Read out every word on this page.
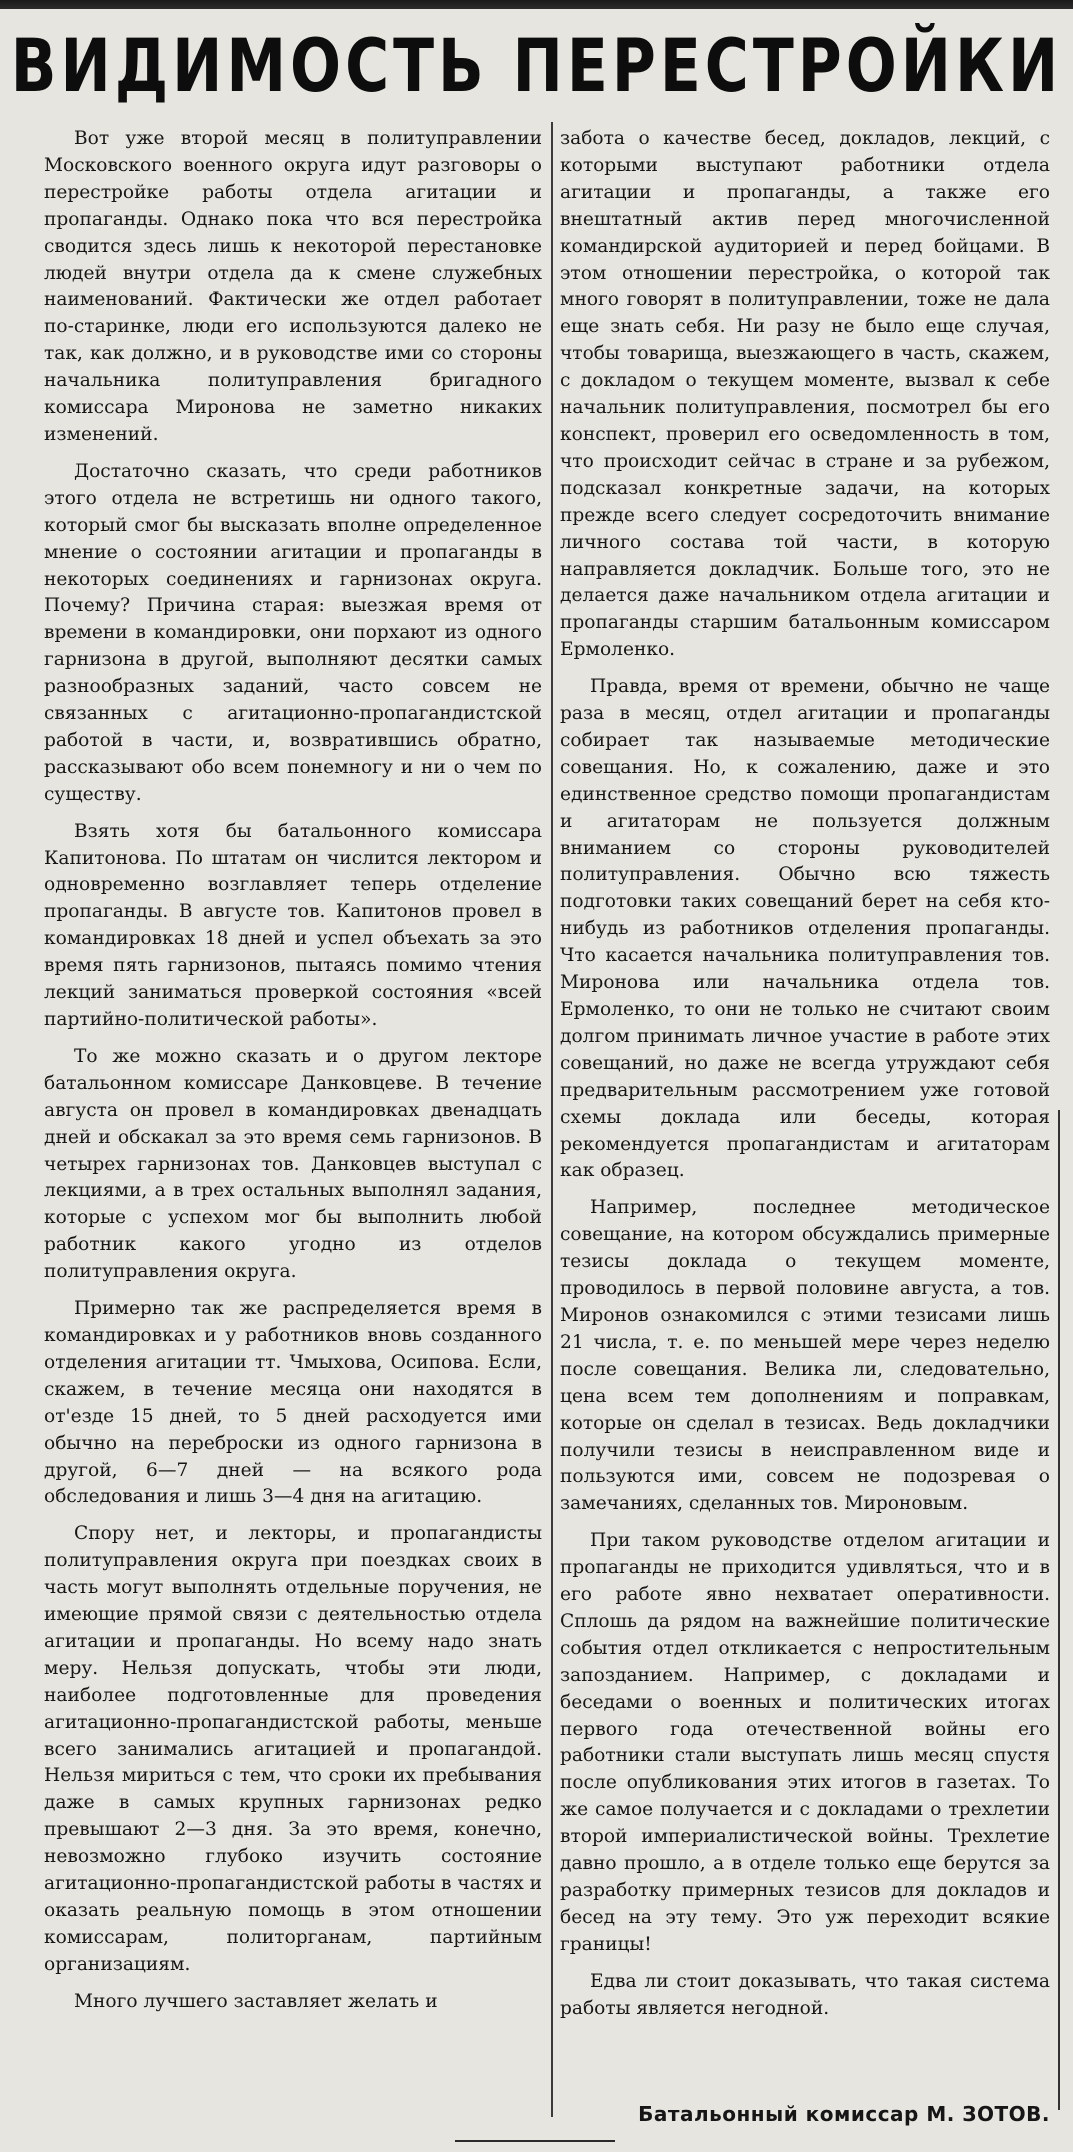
ВИДИМОСТЬ ПЕРЕСТРОЙКИ

Вот уже второй месяц в политуправлении Московского военного округа идут разговоры о перестройке работы отдела агитации и пропаганды. Однако пока что вся перестройка сводится здесь лишь к некоторой перестановке людей внутри отдела да к смене служебных наименований. Фактически же отдел работает по-старинке, люди его используются далеко не так, как должно, и в руководстве ими со стороны начальника политуправления бригадного комиссара Миронова не заметно никаких изменений.

Достаточно сказать, что среди работников этого отдела не встретишь ни одного такого, который смог бы высказать вполне определенное мнение о состоянии агитации и пропаганды в некоторых соединениях и гарнизонах округа. Почему? Причина старая: выезжая время от времени в командировки, они порхают из одного гарнизона в другой, выполняют десятки самых разнообразных заданий, часто совсем не связанных с агитационно-пропагандистской работой в части, и, возвратившись обратно, рассказывают обо всем понемногу и ни о чем по существу.

Взять хотя бы батальонного комиссара Капитонова. По штатам он числится лектором и одновременно возглавляет теперь отделение пропаганды. В августе тов. Капитонов провел в командировках 18 дней и успел объехать за это время пять гарнизонов, пытаясь помимо чтения лекций заниматься проверкой состояния «всей партийно-политической работы».

То же можно сказать и о другом лекторе батальонном комиссаре Данковцеве. В течение августа он провел в командировках двенадцать дней и обскакал за это время семь гарнизонов. В четырех гарнизонах тов. Данковцев выступал с лекциями, а в трех остальных выполнял задания, которые с успехом мог бы выполнить любой работник какого угодно из отделов политуправления округа.

Примерно так же распределяется время в командировках и у работников вновь созданного отделения агитации тт. Чмыхова, Осипова. Если, скажем, в течение месяца они находятся в от'езде 15 дней, то 5 дней расходуется ими обычно на переброски из одного гарнизона в другой, 6—7 дней — на всякого рода обследования и лишь 3—4 дня на агитацию.

Спору нет, и лекторы, и пропагандисты политуправления округа при поездках своих в часть могут выполнять отдельные поручения, не имеющие прямой связи с деятельностью отдела агитации и пропаганды. Но всему надо знать меру. Нельзя допускать, чтобы эти люди, наиболее подготовленные для проведения агитационно-пропагандистской работы, меньше всего занимались агитацией и пропагандой. Нельзя мириться с тем, что сроки их пребывания даже в самых крупных гарнизонах редко превышают 2—3 дня. За это время, конечно, невозможно глубоко изучить состояние агитационно-пропагандистской работы в частях и оказать реальную помощь в этом отношении комиссарам, политорганам, партийным организациям.

Много лучшего заставляет желать и

забота о качестве бесед, докладов, лекций, с которыми выступают работники отдела агитации и пропаганды, а также его внештатный актив перед многочисленной командирской аудиторией и перед бойцами. В этом отношении перестройка, о которой так много говорят в политуправлении, тоже не дала еще знать себя. Ни разу не было еще случая, чтобы товарища, выезжающего в часть, скажем, с докладом о текущем моменте, вызвал к себе начальник политуправления, посмотрел бы его конспект, проверил его осведомленность в том, что происходит сейчас в стране и за рубежом, подсказал конкретные задачи, на которых прежде всего следует сосредоточить внимание личного состава той части, в которую направляется докладчик. Больше того, это не делается даже начальником отдела агитации и пропаганды старшим батальонным комиссаром Ермоленко.

Правда, время от времени, обычно не чаще раза в месяц, отдел агитации и пропаганды собирает так называемые методические совещания. Но, к сожалению, даже и это единственное средство помощи пропагандистам и агитаторам не пользуется должным вниманием со стороны руководителей политуправления. Обычно всю тяжесть подготовки таких совещаний берет на себя кто-нибудь из работников отделения пропаганды. Что касается начальника политуправления тов. Миронова или начальника отдела тов. Ермоленко, то они не только не считают своим долгом принимать личное участие в работе этих совещаний, но даже не всегда утруждают себя предварительным рассмотрением уже готовой схемы доклада или беседы, которая рекомендуется пропагандистам и агитаторам как образец.

Например, последнее методическое совещание, на котором обсуждались примерные тезисы доклада о текущем моменте, проводилось в первой половине августа, а тов. Миронов ознакомился с этими тезисами лишь 21 числа, т. е. по меньшей мере через неделю после совещания. Велика ли, следовательно, цена всем тем дополнениям и поправкам, которые он сделал в тезисах. Ведь докладчики получили тезисы в неисправленном виде и пользуются ими, совсем не подозревая о замечаниях, сделанных тов. Мироновым.

При таком руководстве отделом агитации и пропаганды не приходится удивляться, что и в его работе явно нехватает оперативности. Сплошь да рядом на важнейшие политические события отдел откликается с непростительным запозданием. Например, с докладами и беседами о военных и политических итогах первого года отечественной войны его работники стали выступать лишь месяц спустя после опубликования этих итогов в газетах. То же самое получается и с докладами о трехлетии второй империалистической войны. Трехлетие давно прошло, а в отделе только еще берутся за разработку примерных тезисов для докладов и бесед на эту тему. Это уж переходит всякие границы!

Едва ли стоит доказывать, что такая система работы является негодной.

Батальонный комиссар М. ЗОТОВ.
